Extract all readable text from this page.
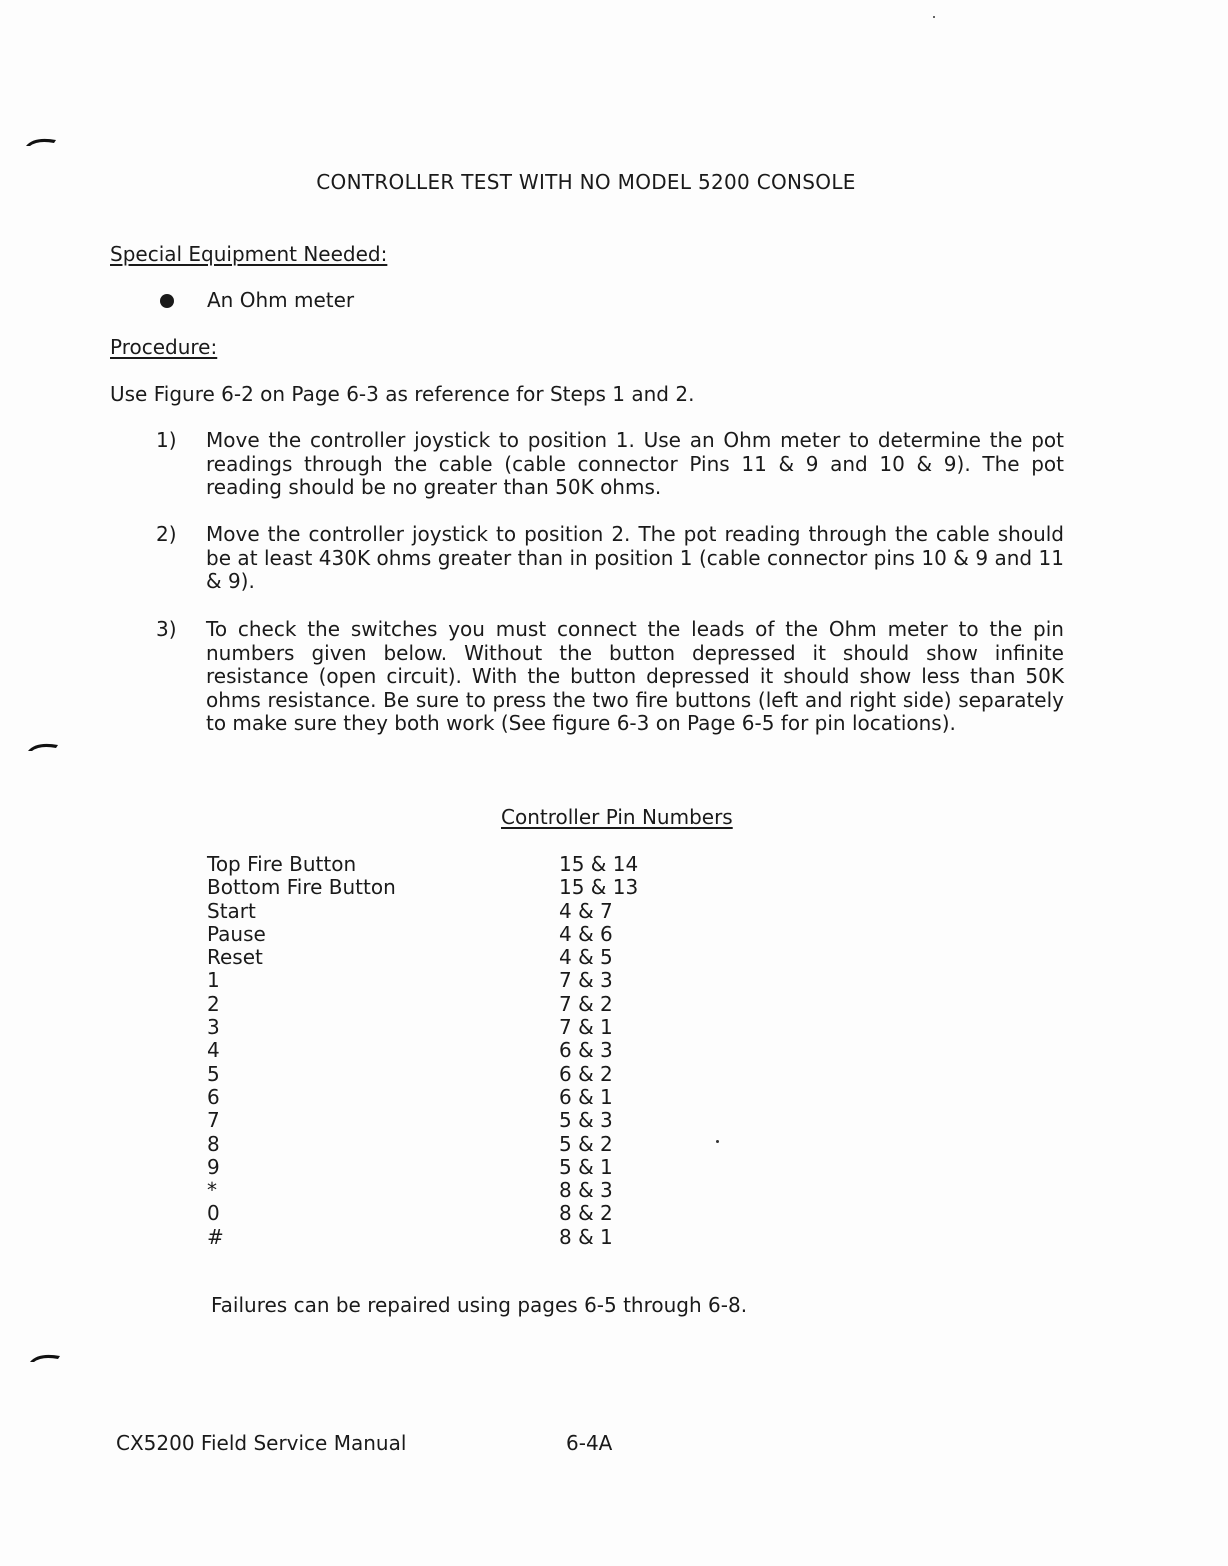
CONTROLLER TEST WITH NO MODEL 5200 CONSOLE
Special Equipment Needed:
An Ohm meter
Procedure:
Use Figure 6-2 on Page 6-3 as reference for Steps 1 and 2.
1) Move the controller joystick to position 1. Use an Ohm meter to determine the pot readings through the cable (cable connector Pins 11 & 9 and 10 & 9). The pot reading should be no greater than 50K ohms.
2) Move the controller joystick to position 2. The pot reading through the cable should be at least 430K ohms greater than in position 1 (cable connector pins 10 & 9 and 11 & 9).
3) To check the switches you must connect the leads of the Ohm meter to the pin numbers given below. Without the button depressed it should show infinite resistance (open circuit). With the button depressed it should show less than 50K ohms resistance. Be sure to press the two fire buttons (left and right side) separately to make sure they both work (See figure 6-3 on Page 6-5 for pin locations).
Controller Pin Numbers
Top Fire Button	15 & 14
Bottom Fire Button	15 & 13
Start	4 & 7
Pause	4 & 6
Reset	4 & 5
1	7 & 3
2	7 & 2
3	7 & 1
4	6 & 3
5	6 & 2
6	6 & 1
7	5 & 3
8	5 & 2
9	5 & 1
*	8 & 3
0	8 & 2
#	8 & 1
Failures can be repaired using pages 6-5 through 6-8.
CX5200 Field Service Manual	6-4A
